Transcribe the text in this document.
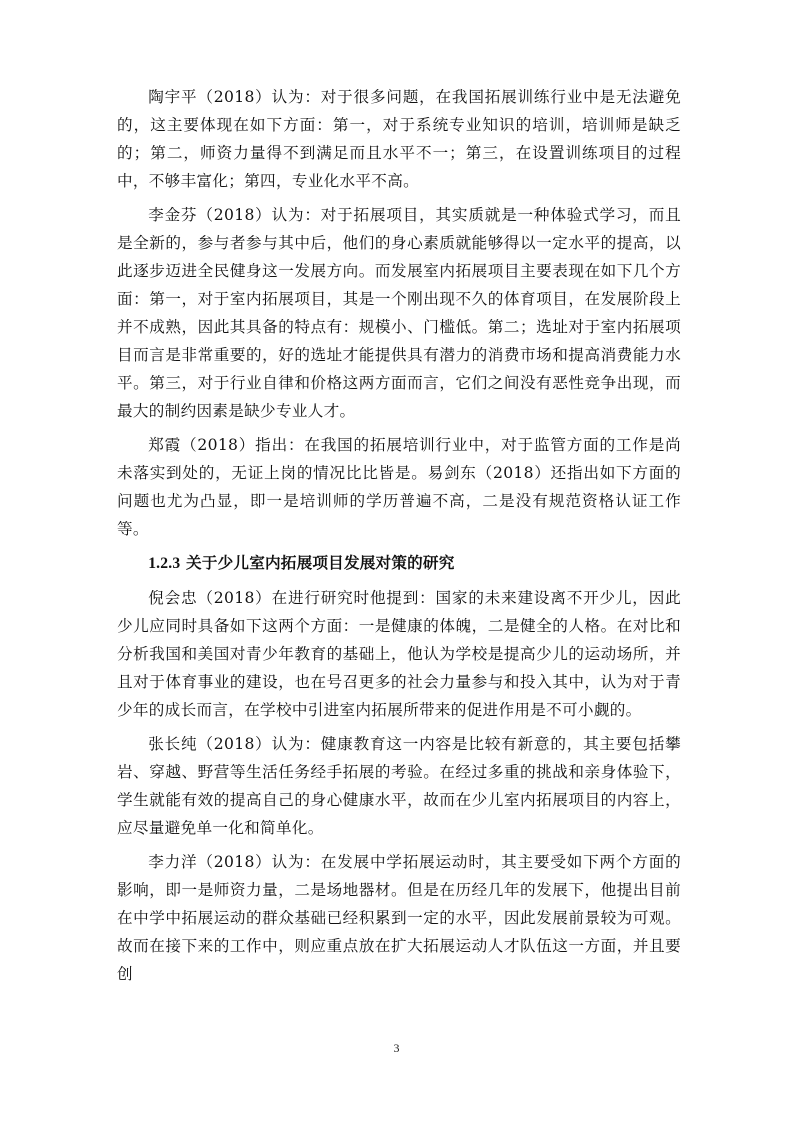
陶宇平（2018）认为：对于很多问题，在我国拓展训练行业中是无法避免的，这主要体现在如下方面：第一，对于系统专业知识的培训，培训师是缺乏的；第二，师资力量得不到满足而且水平不一；第三，在设置训练项目的过程中，不够丰富化；第四，专业化水平不高。

李金芬（2018）认为：对于拓展项目，其实质就是一种体验式学习，而且是全新的，参与者参与其中后，他们的身心素质就能够得以一定水平的提高，以此逐步迈进全民健身这一发展方向。而发展室内拓展项目主要表现在如下几个方面：第一，对于室内拓展项目，其是一个刚出现不久的体育项目，在发展阶段上并不成熟，因此其具备的特点有：规模小、门槛低。第二；选址对于室内拓展项目而言是非常重要的，好的选址才能提供具有潜力的消费市场和提高消费能力水平。第三，对于行业自律和价格这两方面而言，它们之间没有恶性竞争出现，而最大的制约因素是缺少专业人才。

郑霞（2018）指出：在我国的拓展培训行业中，对于监管方面的工作是尚未落实到处的，无证上岗的情况比比皆是。易剑东（2018）还指出如下方面的问题也尤为凸显，即一是培训师的学历普遍不高，二是没有规范资格认证工作等。

1.2.3 关于少儿室内拓展项目发展对策的研究

倪会忠（2018）在进行研究时他提到：国家的未来建设离不开少儿，因此少儿应同时具备如下这两个方面：一是健康的体魄，二是健全的人格。在对比和分析我国和美国对青少年教育的基础上，他认为学校是提高少儿的运动场所，并且对于体育事业的建设，也在号召更多的社会力量参与和投入其中，认为对于青少年的成长而言，在学校中引进室内拓展所带来的促进作用是不可小觑的。

张长纯（2018）认为：健康教育这一内容是比较有新意的，其主要包括攀岩、穿越、野营等生活任务经手拓展的考验。在经过多重的挑战和亲身体验下，学生就能有效的提高自己的身心健康水平，故而在少儿室内拓展项目的内容上，应尽量避免单一化和简单化。

李力洋（2018）认为：在发展中学拓展运动时，其主要受如下两个方面的影响，即一是师资力量，二是场地器材。但是在历经几年的发展下，他提出目前在中学中拓展运动的群众基础已经积累到一定的水平，因此发展前景较为可观。故而在接下来的工作中，则应重点放在扩大拓展运动人才队伍这一方面，并且要创

3
